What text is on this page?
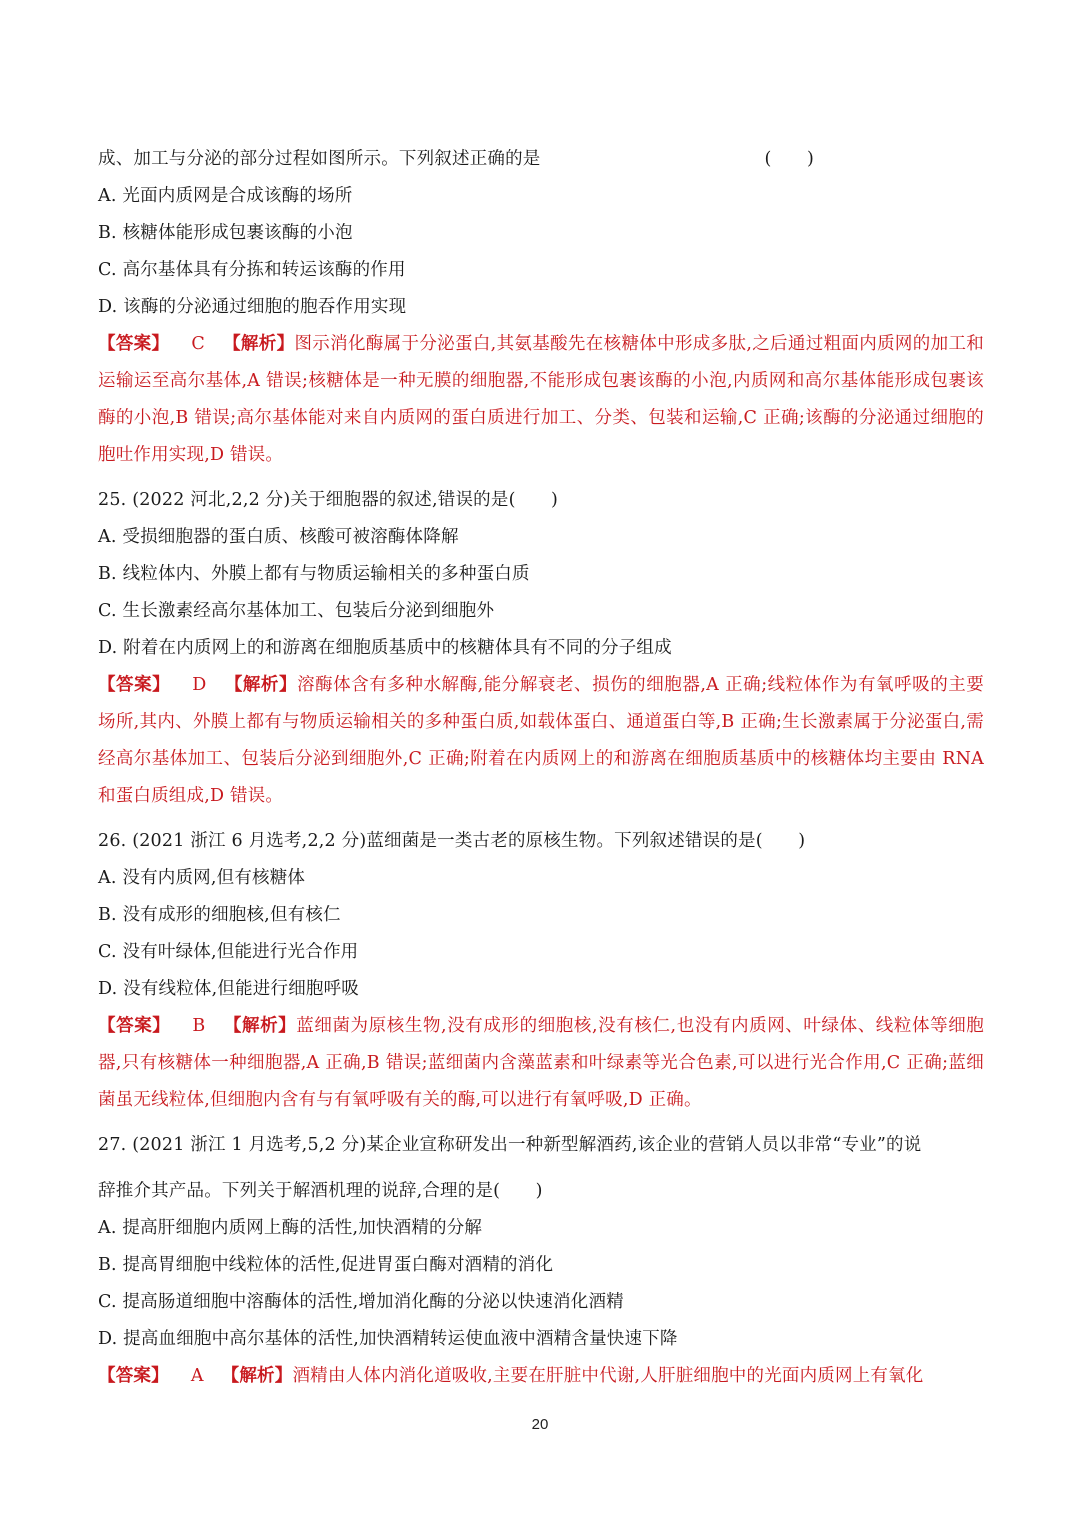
成、加工与分泌的部分过程如图所示。下列叙述正确的是	(　　)
A. 光面内质网是合成该酶的场所
B. 核糖体能形成包裹该酶的小泡
C. 高尔基体具有分拣和转运该酶的作用
D. 该酶的分泌通过细胞的胞吞作用实现
【答案】 C 【解析】图示消化酶属于分泌蛋白,其氨基酸先在核糖体中形成多肽,之后通过粗面内质网的加工和运输运至高尔基体,A 错误;核糖体是一种无膜的细胞器,不能形成包裹该酶的小泡,内质网和高尔基体能形成包裹该酶的小泡,B 错误;高尔基体能对来自内质网的蛋白质进行加工、分类、包装和运输,C 正确;该酶的分泌通过细胞的胞吐作用实现,D 错误。
25. (2022 河北,2,2 分)关于细胞器的叙述,错误的是(　　)
A. 受损细胞器的蛋白质、核酸可被溶酶体降解
B. 线粒体内、外膜上都有与物质运输相关的多种蛋白质
C. 生长激素经高尔基体加工、包装后分泌到细胞外
D. 附着在内质网上的和游离在细胞质基质中的核糖体具有不同的分子组成
【答案】 D 【解析】溶酶体含有多种水解酶,能分解衰老、损伤的细胞器,A 正确;线粒体作为有氧呼吸的主要场所,其内、外膜上都有与物质运输相关的多种蛋白质,如载体蛋白、通道蛋白等,B 正确;生长激素属于分泌蛋白,需经高尔基体加工、包装后分泌到细胞外,C 正确;附着在内质网上的和游离在细胞质基质中的核糖体均主要由 RNA 和蛋白质组成,D 错误。
26. (2021 浙江 6 月选考,2,2 分)蓝细菌是一类古老的原核生物。下列叙述错误的是(　　)
A. 没有内质网,但有核糖体
B. 没有成形的细胞核,但有核仁
C. 没有叶绿体,但能进行光合作用
D. 没有线粒体,但能进行细胞呼吸
【答案】 B 【解析】蓝细菌为原核生物,没有成形的细胞核,没有核仁,也没有内质网、叶绿体、线粒体等细胞器,只有核糖体一种细胞器,A 正确,B 错误;蓝细菌内含藻蓝素和叶绿素等光合色素,可以进行光合作用,C 正确;蓝细菌虽无线粒体,但细胞内含有与有氧呼吸有关的酶,可以进行有氧呼吸,D 正确。
27. (2021 浙江 1 月选考,5,2 分)某企业宣称研发出一种新型解酒药,该企业的营销人员以非常“专业”的说
辞推介其产品。下列关于解酒机理的说辞,合理的是(　　)
A. 提高肝细胞内质网上酶的活性,加快酒精的分解
B. 提高胃细胞中线粒体的活性,促进胃蛋白酶对酒精的消化
C. 提高肠道细胞中溶酶体的活性,增加消化酶的分泌以快速消化酒精
D. 提高血细胞中高尔基体的活性,加快酒精转运使血液中酒精含量快速下降
【答案】 A 【解析】酒精由人体内消化道吸收,主要在肝脏中代谢,人肝脏细胞中的光面内质网上有氧化
20
